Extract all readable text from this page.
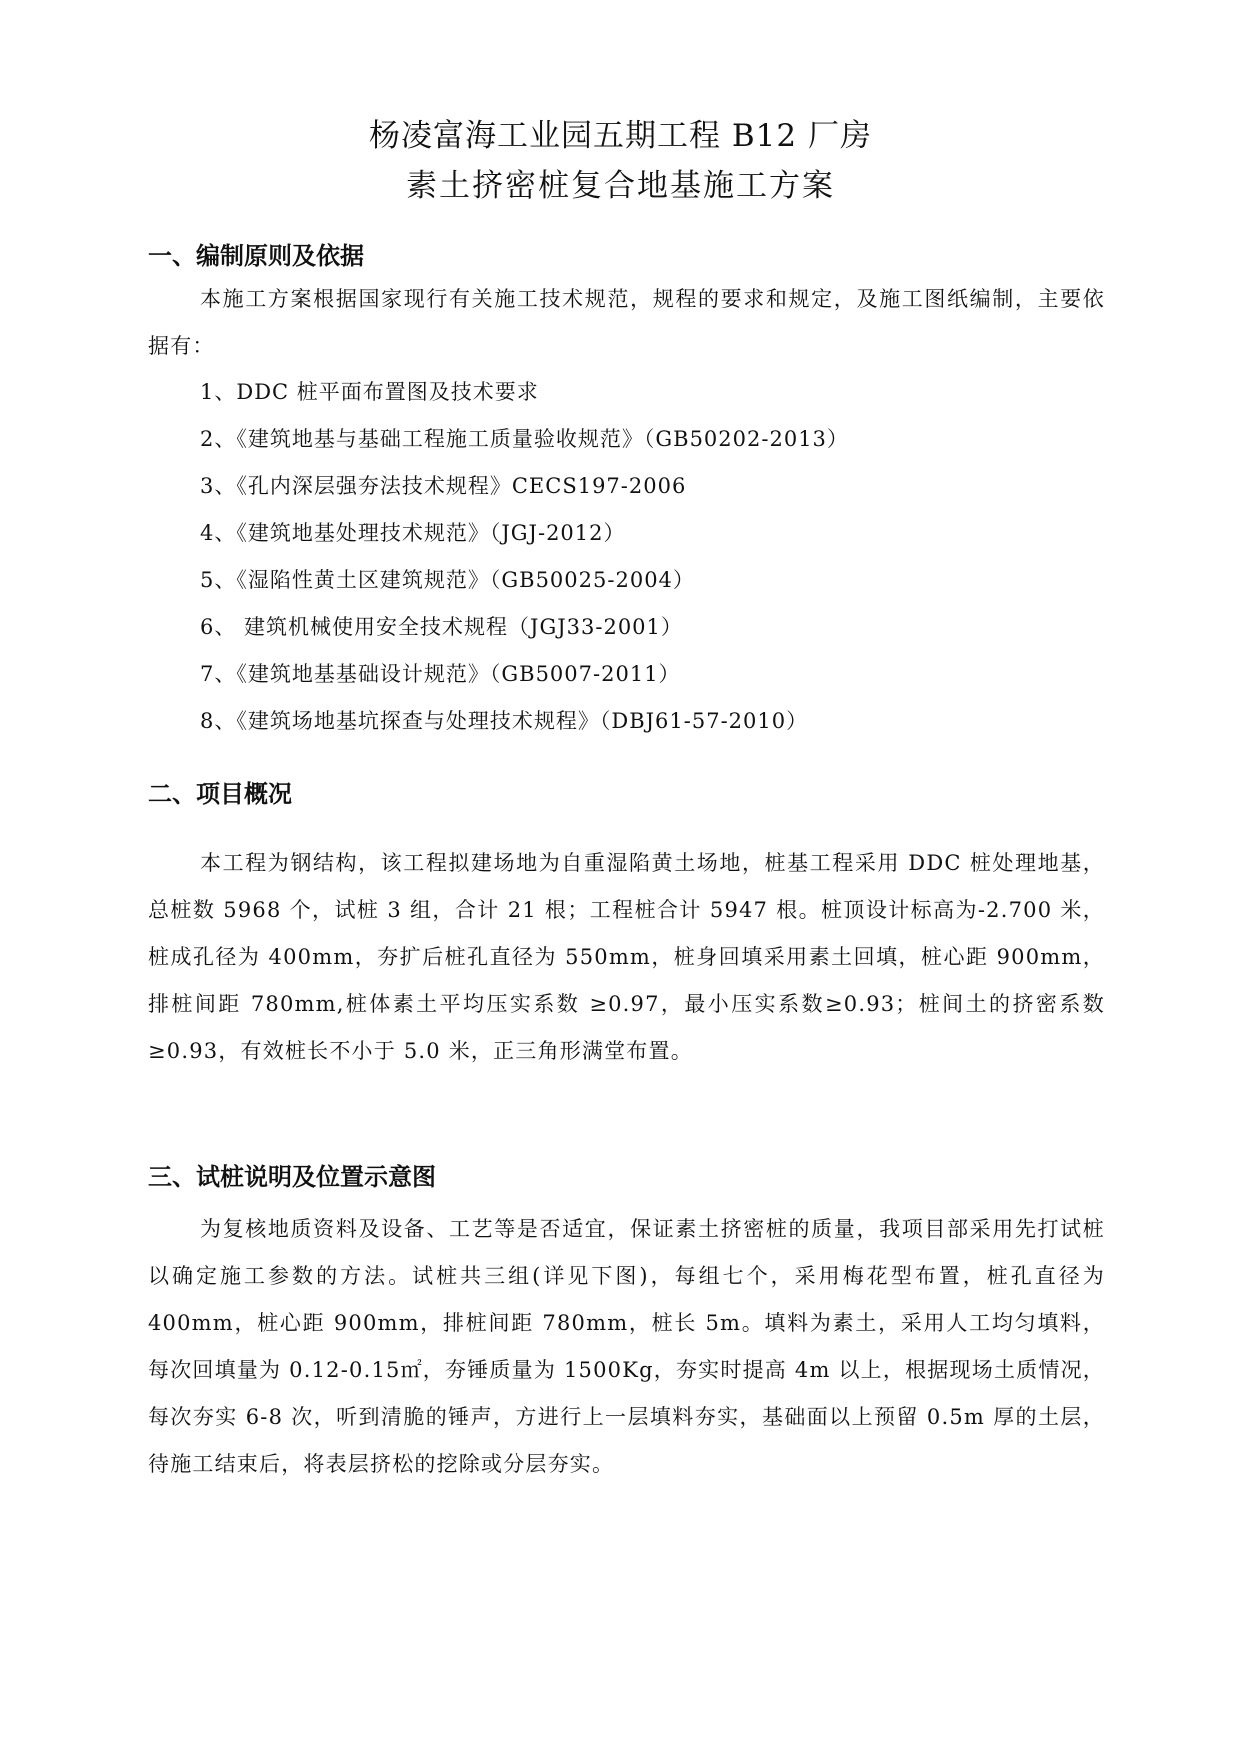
杨凌富海工业园五期工程 B12 厂房
素土挤密桩复合地基施工方案
一、编制原则及依据

本施工方案根据国家现行有关施工技术规范，规程的要求和规定，及施工图纸编制，主要依据有：

1、DDC 桩平面布置图及技术要求
2、《建筑地基与基础工程施工质量验收规范》（GB50202-2013）
3、《孔内深层强夯法技术规程》CECS197-2006
4、《建筑地基处理技术规范》（JGJ-2012）
5、《湿陷性黄土区建筑规范》（GB50025-2004）
6、 建筑机械使用安全技术规程（JGJ33-2001）
7、《建筑地基基础设计规范》（GB5007-2011）
8、《建筑场地基坑探查与处理技术规程》（DBJ61-57-2010）
二、项目概况

本工程为钢结构，该工程拟建场地为自重湿陷黄土场地，桩基工程采用 DDC 桩处理地基，总桩数 5968 个，试桩 3 组，合计 21 根；工程桩合计 5947 根。桩顶设计标高为-2.700 米，桩成孔径为 400mm，夯扩后桩孔直径为 550mm，桩身回填采用素土回填，桩心距 900mm，排桩间距 780mm,桩体素土平均压实系数 ≥0.97，最小压实系数≥0.93；桩间土的挤密系数≥0.93，有效桩长不小于 5.0 米，正三角形满堂布置。

三、试桩说明及位置示意图

为复核地质资料及设备、工艺等是否适宜，保证素土挤密桩的质量，我项目部采用先打试桩以确定施工参数的方法。试桩共三组(详见下图)，每组七个，采用梅花型布置，桩孔直径为 400mm，桩心距 900mm，排桩间距 780mm，桩长 5m。填料为素土，采用人工均匀填料，每次回填量为 0.12-0.15㎡，夯锤质量为 1500Kg，夯实时提高 4m 以上，根据现场土质情况，每次夯实 6-8 次，听到清脆的锤声，方进行上一层填料夯实，基础面以上预留 0.5m 厚的土层，待施工结束后，将表层挤松的挖除或分层夯实。
